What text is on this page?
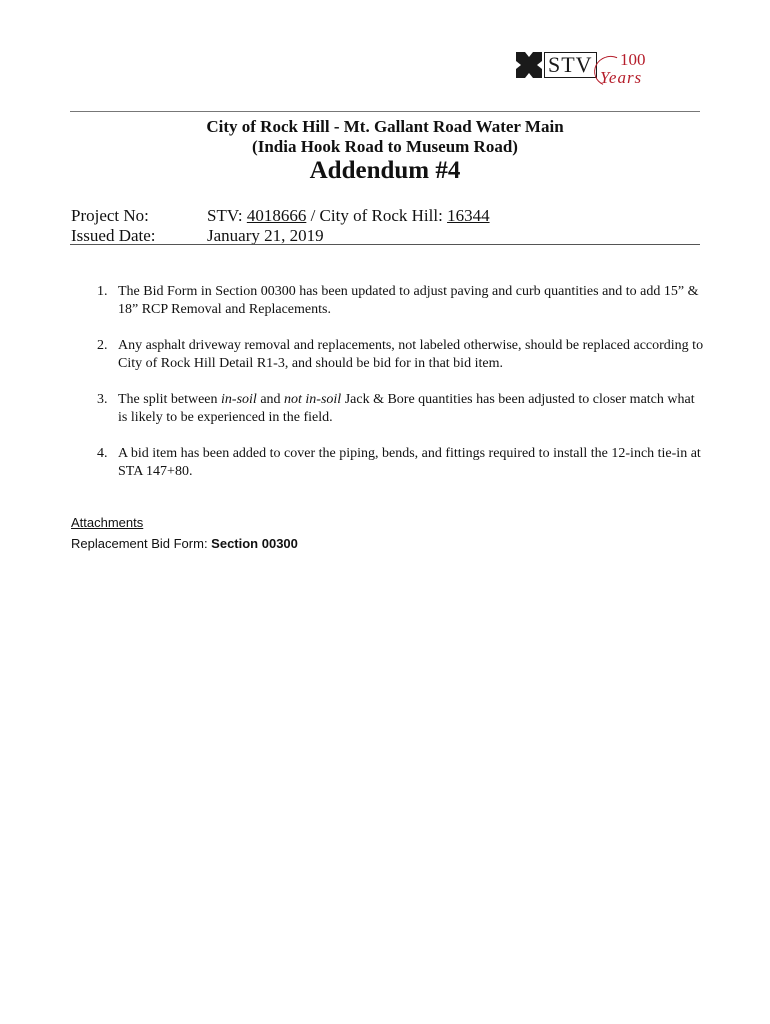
STV 100
Years
City of Rock Hill - Mt. Gallant Road Water Main
(India Hook Road to Museum Road)
Addendum #4
Project No:	STV: 4018666 / City of Rock Hill: 16344
Issued Date:	January 21, 2019
1. The Bid Form in Section 00300 has been updated to adjust paving and curb quantities and to add 15” & 18” RCP Removal and Replacements.
2. Any asphalt driveway removal and replacements, not labeled otherwise, should be replaced according to City of Rock Hill Detail R1-3, and should be bid for in that bid item.
3. The split between in-soil and not in-soil Jack & Bore quantities has been adjusted to closer match what is likely to be experienced in the field.
4. A bid item has been added to cover the piping, bends, and fittings required to install the 12-inch tie-in at STA 147+80.
Attachments
Replacement Bid Form: Section 00300
